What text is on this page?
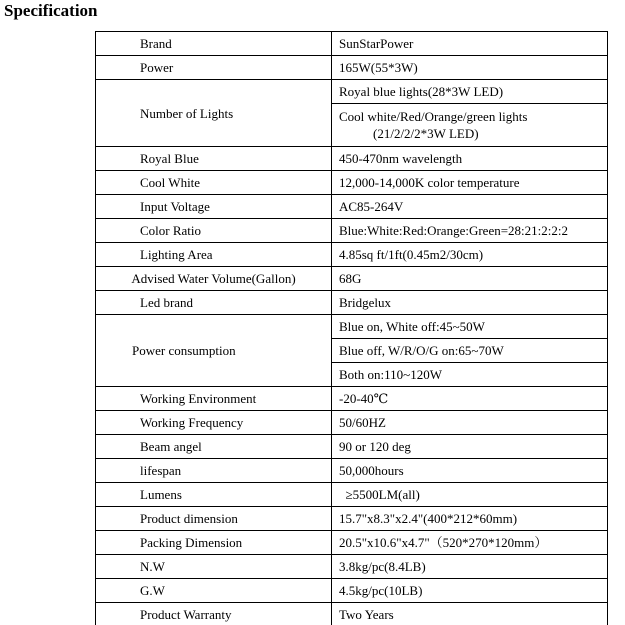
Specification
Brand	SunStarPower
Power	165W(55*3W)
Number of Lights	Royal blue lights(28*3W LED)
	Cool white/Red/Orange/green lights
(21/2/2/2*3W LED)

Royal Blue	450-470nm wavelength
Cool White	12,000-14,000K color temperature
Input Voltage	AC85-264V
Color Ratio	Blue:White:Red:Orange:Green=28:21:2:2:2
Lighting Area	4.85sq ft/1ft(0.45m2/30cm)
Advised Water Volume(Gallon)	68G
Led brand	Bridgelux
Power consumption	Blue on, White off:45~50W
	Blue off, W/R/O/G on:65~70W
	Both on:110~120W
Working Environment	-20-40℃
Working Frequency	50/60HZ
Beam angel	90 or 120 deg
lifespan	50,000hours
Lumens	≥5500LM(all)
Product dimension	15.7"x8.3"x2.4"(400*212*60mm)
Packing Dimension	20.5"x10.6"x4.7"（520*270*120mm）
N.W	3.8kg/pc(8.4LB)
G.W	4.5kg/pc(10LB)
Product Warranty	Two Years
